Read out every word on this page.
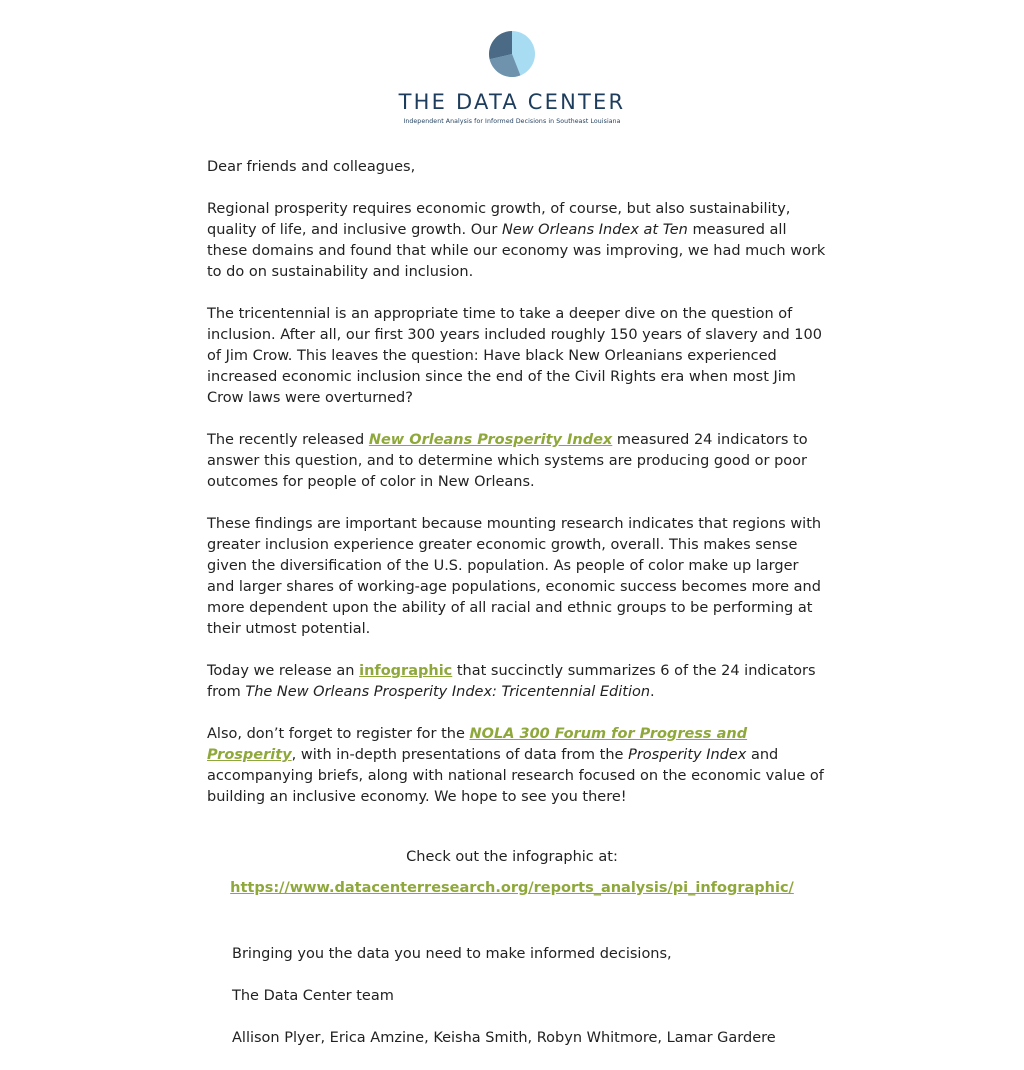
THE DATA CENTER
Independent Analysis for Informed Decisions in Southeast Louisiana

Dear friends and colleagues,

Regional prosperity requires economic growth, of course, but also sustainability, quality of life, and inclusive growth. Our New Orleans Index at Ten measured all these domains and found that while our economy was improving, we had much work to do on sustainability and inclusion.

The tricentennial is an appropriate time to take a deeper dive on the question of inclusion. After all, our first 300 years included roughly 150 years of slavery and 100 of Jim Crow. This leaves the question: Have black New Orleanians experienced increased economic inclusion since the end of the Civil Rights era when most Jim Crow laws were overturned?

The recently released New Orleans Prosperity Index measured 24 indicators to answer this question, and to determine which systems are producing good or poor outcomes for people of color in New Orleans.

These findings are important because mounting research indicates that regions with greater inclusion experience greater economic growth, overall. This makes sense given the diversification of the U.S. population. As people of color make up larger and larger shares of working-age populations, economic success becomes more and more dependent upon the ability of all racial and ethnic groups to be performing at their utmost potential.

Today we release an infographic that succinctly summarizes 6 of the 24 indicators from The New Orleans Prosperity Index: Tricentennial Edition.

Also, don’t forget to register for the NOLA 300 Forum for Progress and Prosperity, with in-depth presentations of data from the Prosperity Index and accompanying briefs, along with national research focused on the economic value of building an inclusive economy. We hope to see you there!

Check out the infographic at:

https://www.datacenterresearch.org/reports_analysis/pi_infographic/

Bringing you the data you need to make informed decisions,

The Data Center team

Allison Plyer, Erica Amzine, Keisha Smith, Robyn Whitmore, Lamar Gardere
